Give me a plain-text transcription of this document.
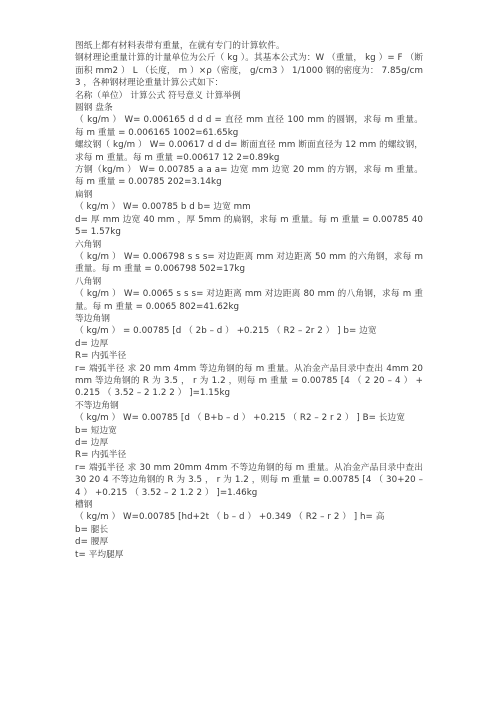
图纸上都有材料表带有重量，在就有专门的计算软件。

钢材理论重量计算的计量单位为公斤（ kg ）。其基本公式为：W （重量， kg ）= F （断面积 mm2 ） L （长度， m ）×ρ（密度， g/cm3 ） 1/1000 钢的密度为： 7.85g/cm3 ，各种钢材理论重量计算公式如下：

名称（单位） 计算公式 符号意义 计算举例

圆钢 盘条

（ kg/m ） W= 0.006165 d d d = 直径 mm 直径 100 mm 的圆钢，求每 m 重量。每 m 重量 = 0.006165 1002=61.65kg

螺纹钢（ kg/m ） W= 0.00617 d d d= 断面直径 mm 断面直径为 12 mm 的螺纹钢，求每 m 重量。每 m 重量 =0.00617 12 2=0.89kg

方钢（kg/m ） W= 0.00785 a a a= 边宽 mm 边宽 20 mm 的方钢，求每 m 重量。每 m 重量 = 0.00785 202=3.14kg

扁钢

（ kg/m ） W= 0.00785 b d b= 边宽 mm

d= 厚 mm 边宽 40 mm ，厚 5mm 的扁钢，求每 m 重量。每 m 重量 = 0.00785 40 5= 1.57kg

六角钢

（ kg/m ） W= 0.006798 s s s= 对边距离 mm 对边距离 50 mm 的六角钢，求每 m 重量。每 m 重量 = 0.006798 502=17kg

八角钢

（ kg/m ） W= 0.0065 s s s= 对边距离 mm 对边距离 80 mm 的八角钢，求每 m 重量。每 m 重量 = 0.0065 802=41.62kg

等边角钢

（ kg/m ） = 0.00785 [d （ 2b – d ） +0.215 （ R2 – 2r 2 ） ] b= 边宽

d= 边厚

R= 内弧半径

r= 端弧半径 求 20 mm 4mm 等边角钢的每 m 重量。从冶金产品目录中查出 4mm 20 mm 等边角钢的 R 为 3.5 ， r 为 1.2 ，则每 m 重量 = 0.00785 [4 （ 2 20 – 4 ） +0.215 （ 3.52 – 2 1.2 2 ） ]=1.15kg

不等边角钢

（ kg/m ） W= 0.00785 [d （ B+b – d ） +0.215 （ R2 – 2 r 2 ） ] B= 长边宽

b= 短边宽

d= 边厚

R= 内弧半径

r= 端弧半径 求 30 mm 20mm 4mm 不等边角钢的每 m 重量。从冶金产品目录中查出 30 20 4 不等边角钢的 R 为 3.5 ， r 为 1.2 ，则每 m 重量 = 0.00785 [4 （ 30+20 – 4 ） +0.215 （ 3.52 – 2 1.2 2 ） ]=1.46kg

槽钢

（ kg/m ） W=0.00785 [hd+2t （ b – d ） +0.349 （ R2 – r 2 ） ] h= 高

b= 腿长

d= 腰厚

t= 平均腿厚
